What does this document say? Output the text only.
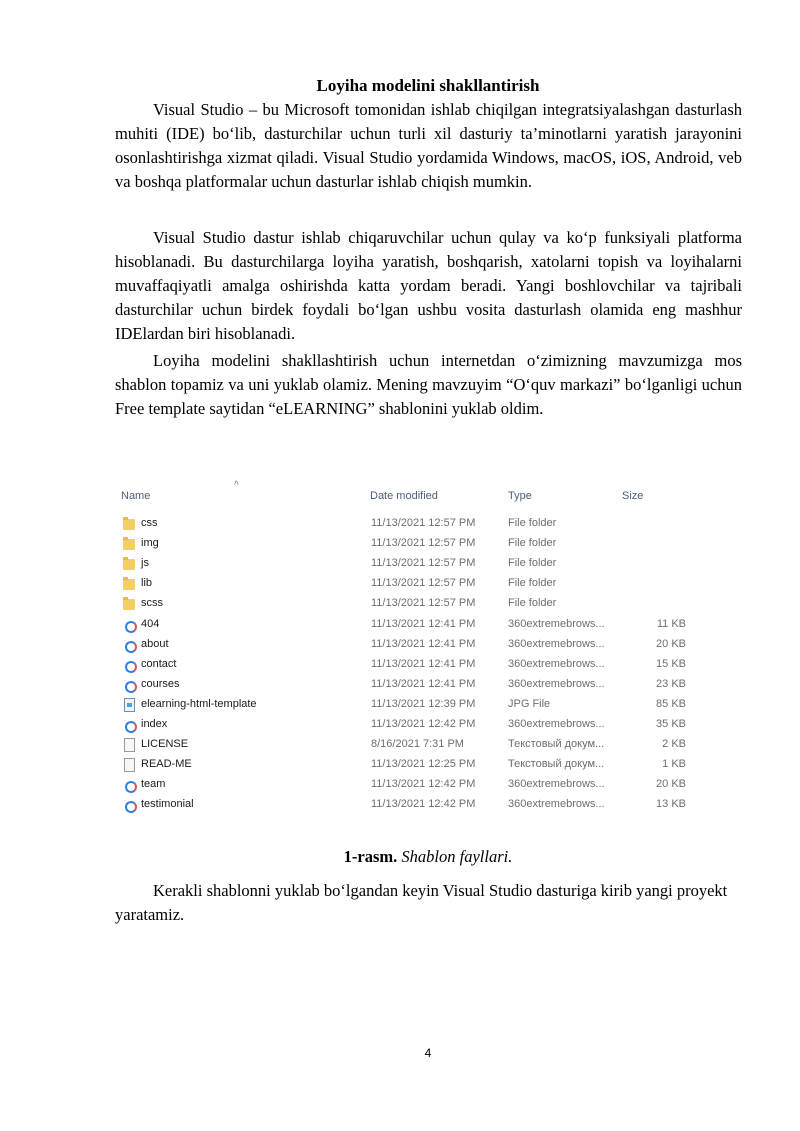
Loyiha modelini shakllantirish

Visual Studio – bu Microsoft tomonidan ishlab chiqilgan integratsiyalashgan dasturlash muhiti (IDE) bo‘lib, dasturchilar uchun turli xil dasturiy ta’minotlarni yaratish jarayonini osonlashtirishga xizmat qiladi. Visual Studio yordamida Windows, macOS, iOS, Android, veb va boshqa platformalar uchun dasturlar ishlab chiqish mumkin.

Visual Studio dastur ishlab chiqaruvchilar uchun qulay va ko‘p funksiyali platforma hisoblanadi. Bu dasturchilarga loyiha yaratish, boshqarish, xatolarni topish va loyihalarni muvaffaqiyatli amalga oshirishda katta yordam beradi. Yangi boshlovchilar va tajribali dasturchilar uchun birdek foydali bo‘lgan ushbu vosita dasturlash olamida eng mashhur IDElardan biri hisoblanadi.

Loyiha modelini shakllashtirish uchun internetdan o‘zimizning mavzumizga mos shablon topamiz va uni yuklab olamiz. Mening mavzuyim “O‘quv markazi” bo‘lganligi uchun Free template saytidan “eLEARNING” shablonini yuklab oldim.

^
Name	Date modified	Type	Size
css	11/13/2021 12:57 PM	File folder
img	11/13/2021 12:57 PM	File folder
js	11/13/2021 12:57 PM	File folder
lib	11/13/2021 12:57 PM	File folder
scss	11/13/2021 12:57 PM	File folder
404	11/13/2021 12:41 PM	360extremebrows...	11 KB
about	11/13/2021 12:41 PM	360extremebrows...	20 KB
contact	11/13/2021 12:41 PM	360extremebrows...	15 KB
courses	11/13/2021 12:41 PM	360extremebrows...	23 KB
elearning-html-template	11/13/2021 12:39 PM	JPG File	85 KB
index	11/13/2021 12:42 PM	360extremebrows...	35 KB
LICENSE	8/16/2021 7:31 PM	Текстовый докум...	2 KB
READ-ME	11/13/2021 12:25 PM	Текстовый докум...	1 KB
team	11/13/2021 12:42 PM	360extremebrows...	20 KB
testimonial	11/13/2021 12:42 PM	360extremebrows...	13 KB
1-rasm. Shablon fayllari.

Kerakli shablonni yuklab bo‘lgandan keyin Visual Studio dasturiga kirib yangi proyekt yaratamiz.

4
